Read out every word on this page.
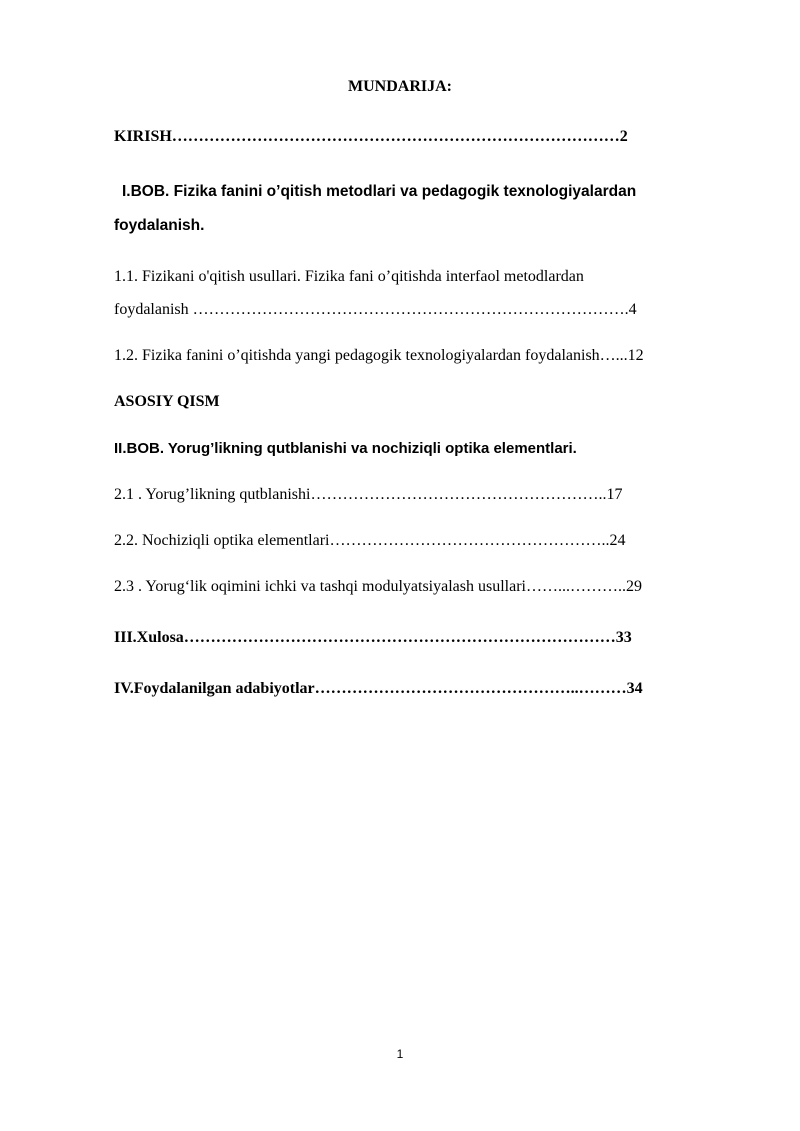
MUNDARIJA:
KIRISH…………………………………………………………………………2
I.BOB. Fizika fanini o’qitish metodlari va pedagogik texnologiyalardan
foydalanish.
1.1. Fizikani o'qitish usullari. Fizika fani o’qitishda interfaol metodlardan
foydalanish ……………………………………………………………………….4
1.2. Fizika fanini o’qitishda yangi pedagogik texnologiyalardan foydalanish…...12
ASOSIY QISM
II.BOB. Yorug’likning qutblanishi va nochiziqli optika elementlari.
2.1 . Yorug’likning qutblanishi………………………………………………..17
2.2. Nochiziqli optika elementlari……………………………………………..24
2.3 . Yorug‘lik oqimini ichki va tashqi modulyatsiyalash usullari……...………..29
III.Xulosa………………………………………………………………………33
IV.Foydalanilgan adabiyotlar…………………………………………..………34
1
